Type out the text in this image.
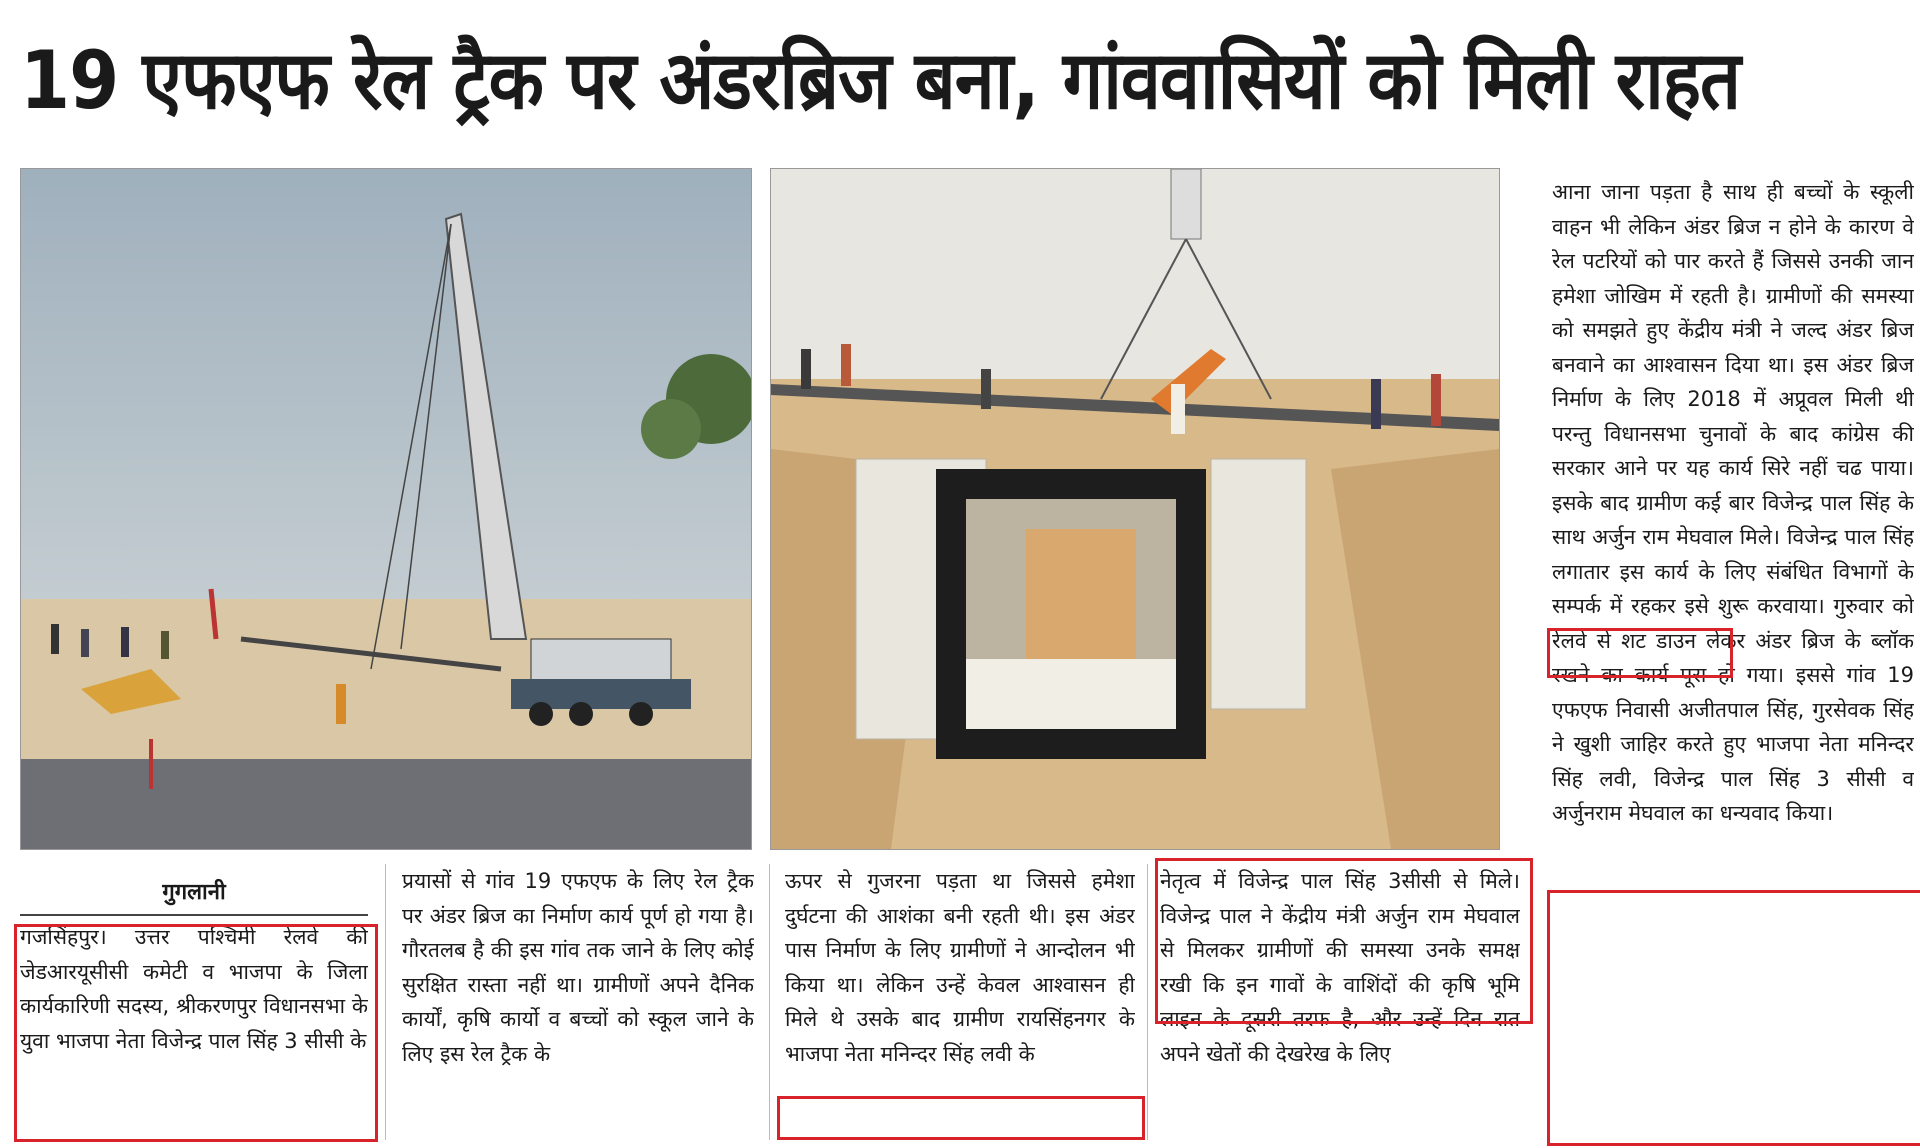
19 एफएफ रेल ट्रैक पर अंडरब्रिज बना, गांववासियों को मिली राहत
आना जाना पड़ता है साथ ही बच्चों के स्कूली वाहन भी लेकिन अंडर ब्रिज न होने के कारण वे रेल पटरियों को पार करते हैं जिससे उनकी जान हमेशा जोखिम में रहती है। ग्रामीणों की समस्या को समझते हुए केंद्रीय मंत्री ने जल्द अंडर ब्रिज बनवाने का आश्वासन दिया था। इस अंडर ब्रिज निर्माण के लिए 2018 में अप्रूवल मिली थी परन्तु विधानसभा चुनावों के बाद कांग्रेस की सरकार आने पर यह कार्य सिरे नहीं चढ पाया। इसके बाद ग्रामीण कई बार विजेन्द्र पाल सिंह के साथ अर्जुन राम मेघवाल मिले। विजेन्द्र पाल सिंह लगातार इस कार्य के लिए संबंधित विभागों के सम्पर्क में रहकर इसे शुरू करवाया। गुरुवार को रेलवे से शट डाउन लेकर अंडर ब्रिज के ब्लॉक रखने का कार्य पूरा हो गया। इससे गांव 19 एफएफ निवासी अजीतपाल सिंह, गुरसेवक सिंह ने खुशी जाहिर करते हुए भाजपा नेता मनिन्दर सिंह लवी, विजेन्द्र पाल सिंह 3 सीसी व अर्जुनराम मेघवाल का धन्यवाद किया।
गुगलानी
गजसिंहपुर। उत्तर पश्चिमी रेलवे की जेडआरयूसीसी कमेटी व भाजपा के जिला कार्यकारिणी सदस्य, श्रीकरणपुर विधानसभा के युवा भाजपा नेता विजेन्द्र पाल सिंह 3 सीसी के
प्रयासों से गांव 19 एफएफ के लिए रेल ट्रैक पर अंडर ब्रिज का निर्माण कार्य पूर्ण हो गया है। गौरतलब है की इस गांव तक जाने के लिए कोई सुरक्षित रास्ता नहीं था। ग्रामीणों अपने दैनिक कार्यों, कृषि कार्यो व बच्चों को स्कूल जाने के लिए इस रेल ट्रैक के
ऊपर से गुजरना पड़ता था जिससे हमेशा दुर्घटना की आशंका बनी रहती थी। इस अंडर पास निर्माण के लिए ग्रामीणों ने आन्दोलन भी किया था। लेकिन उन्हें केवल आश्वासन ही मिले थे उसके बाद ग्रामीण रायसिंहनगर के भाजपा नेता मनिन्दर सिंह लवी के
नेतृत्व में विजेन्द्र पाल सिंह 3सीसी से मिले। विजेन्द्र पाल ने केंद्रीय मंत्री अर्जुन राम मेघवाल से मिलकर ग्रामीणों की समस्या उनके समक्ष रखी कि इन गावों के वाशिंदों की कृषि भूमि लाइन के दूसरी तरफ है, और उन्हें दिन रात अपने खेतों की देखरेख के लिए
